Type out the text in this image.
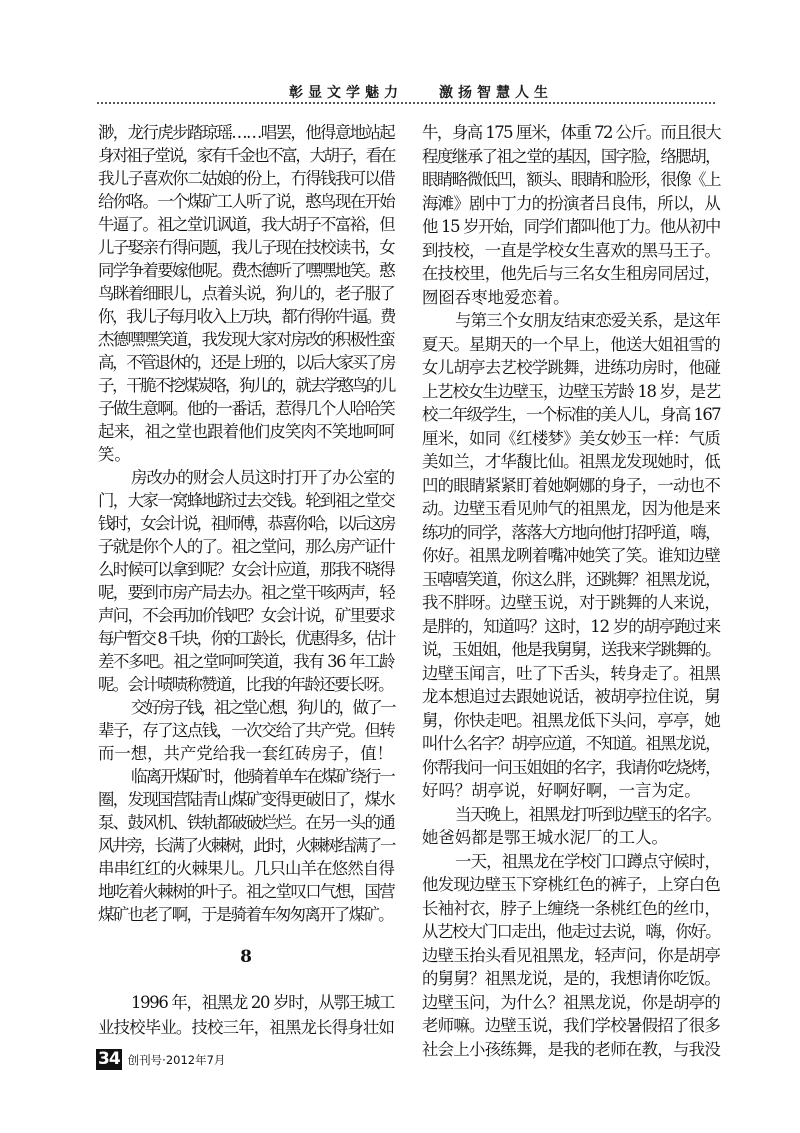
彰显文学魅力	激扬智慧人生
渺，龙行虎步踏琼瑶……唱罢，他得意地站起
身对祖子堂说，家有千金也不富，大胡子，看在
我儿子喜欢你二姑娘的份上，冇得钱我可以借
给你咯。一个煤矿工人听了说，憨鸟现在开始
牛逼了。祖之堂讥讽道，我大胡子不富裕，但
儿子娶亲冇得问题，我儿子现在技校读书，女
同学争着要嫁他呢。费杰德听了嘿嘿地笑。憨
鸟眯着细眼儿，点着头说，狗儿的，老子服了
你，我儿子每月收入上万块，都冇得你牛逼。费
杰德嘿嘿笑道，我发现大家对房改的积极性蛮
高，不管退休的，还是上班的，以后大家买了房
子，干脆不挖煤炭咯，狗儿的，就去学憨鸟的儿
子做生意啊。他的一番话，惹得几个人哈哈笑
起来，祖之堂也跟着他们皮笑肉不笑地呵呵
笑。
房改办的财会人员这时打开了办公室的
门，大家一窝蜂地跻过去交钱。轮到祖之堂交
钱时，女会计说，祖师傅，恭喜你哈，以后这房
子就是你个人的了。祖之堂问，那么房产证什
么时候可以拿到呢？女会计应道，那我不晓得
呢，要到市房产局去办。祖之堂干咳两声，轻
声问，不会再加价钱吧？女会计说，矿里要求
每户暂交 8 千块，你的工龄长，优惠得多，估计
差不多吧。祖之堂呵呵笑道，我有 36 年工龄
呢。会计啧啧称赞道，比我的年龄还要长呀。
交好房子钱，祖之堂心想，狗儿的，做了一
辈子，存了这点钱，一次交给了共产党。但转
而一想，共产党给我一套红砖房子，值！
临离开煤矿时，他骑着单车在煤矿绕行一
圈，发现国营陆青山煤矿变得更破旧了，煤水
泵、鼓风机、铁轨都破破烂烂。在另一头的通
风井旁，长满了火棘树，此时，火棘树结满了一
串串红红的火棘果儿。几只山羊在悠然自得
地吃着火棘树的叶子。祖之堂叹口气想，国营
煤矿也老了啊，于是骑着车匆匆离开了煤矿。
8
1996 年，祖黑龙 20 岁时，从鄂王城工
业技校毕业。技校三年，祖黑龙长得身壮如
牛，身高 175 厘米，体重 72 公斤。而且很大
程度继承了祖之堂的基因，国字脸，络腮胡，
眼睛略微低凹，额头、眼睛和脸形，很像《上
海滩》剧中丁力的扮演者吕良伟，所以，从
他 15 岁开始，同学们都叫他丁力。他从初中
到技校，一直是学校女生喜欢的黑马王子。
在技校里，他先后与三名女生租房同居过，
囫囵吞枣地爱恋着。
与第三个女朋友结束恋爱关系，是这年
夏天。星期天的一个早上，他送大姐祖雪的
女儿胡亭去艺校学跳舞，进练功房时，他碰
上艺校女生边壁玉，边壁玉芳龄 18 岁，是艺
校二年级学生，一个标准的美人儿，身高 167
厘米，如同《红楼梦》美女妙玉一样：气质
美如兰，才华馥比仙。祖黑龙发现她时，低
凹的眼睛紧紧盯着她婀娜的身子，一动也不
动。边壁玉看见帅气的祖黑龙，因为他是来
练功的同学，落落大方地向他打招呼道，嗨，
你好。祖黑龙咧着嘴冲她笑了笑。谁知边壁
玉嘻嘻笑道，你这么胖，还跳舞？祖黑龙说，
我不胖呀。边壁玉说，对于跳舞的人来说，
是胖的，知道吗？这时，12 岁的胡亭跑过来
说，玉姐姐，他是我舅舅，送我来学跳舞的。
边壁玉闻言，吐了下舌头，转身走了。祖黑
龙本想追过去跟她说话，被胡亭拉住说，舅
舅，你快走吧。祖黑龙低下头问，亭亭，她
叫什么名字？胡亭应道，不知道。祖黑龙说，
你帮我问一问玉姐姐的名字，我请你吃烧烤，
好吗？胡亭说，好啊好啊，一言为定。
当天晚上，祖黑龙打听到边壁玉的名字。
她爸妈都是鄂王城水泥厂的工人。
一天，祖黑龙在学校门口蹲点守候时，
他发现边壁玉下穿桃红色的裤子，上穿白色
长袖衬衣，脖子上缠绕一条桃红色的丝巾，
从艺校大门口走出，他走过去说，嗨，你好。
边壁玉抬头看见祖黑龙，轻声问，你是胡亭
的舅舅？祖黑龙说，是的，我想请你吃饭。
边壁玉问，为什么？祖黑龙说，你是胡亭的
老师嘛。边壁玉说，我们学校暑假招了很多
社会上小孩练舞，是我的老师在教，与我没
34 创刊号·2012年7月
